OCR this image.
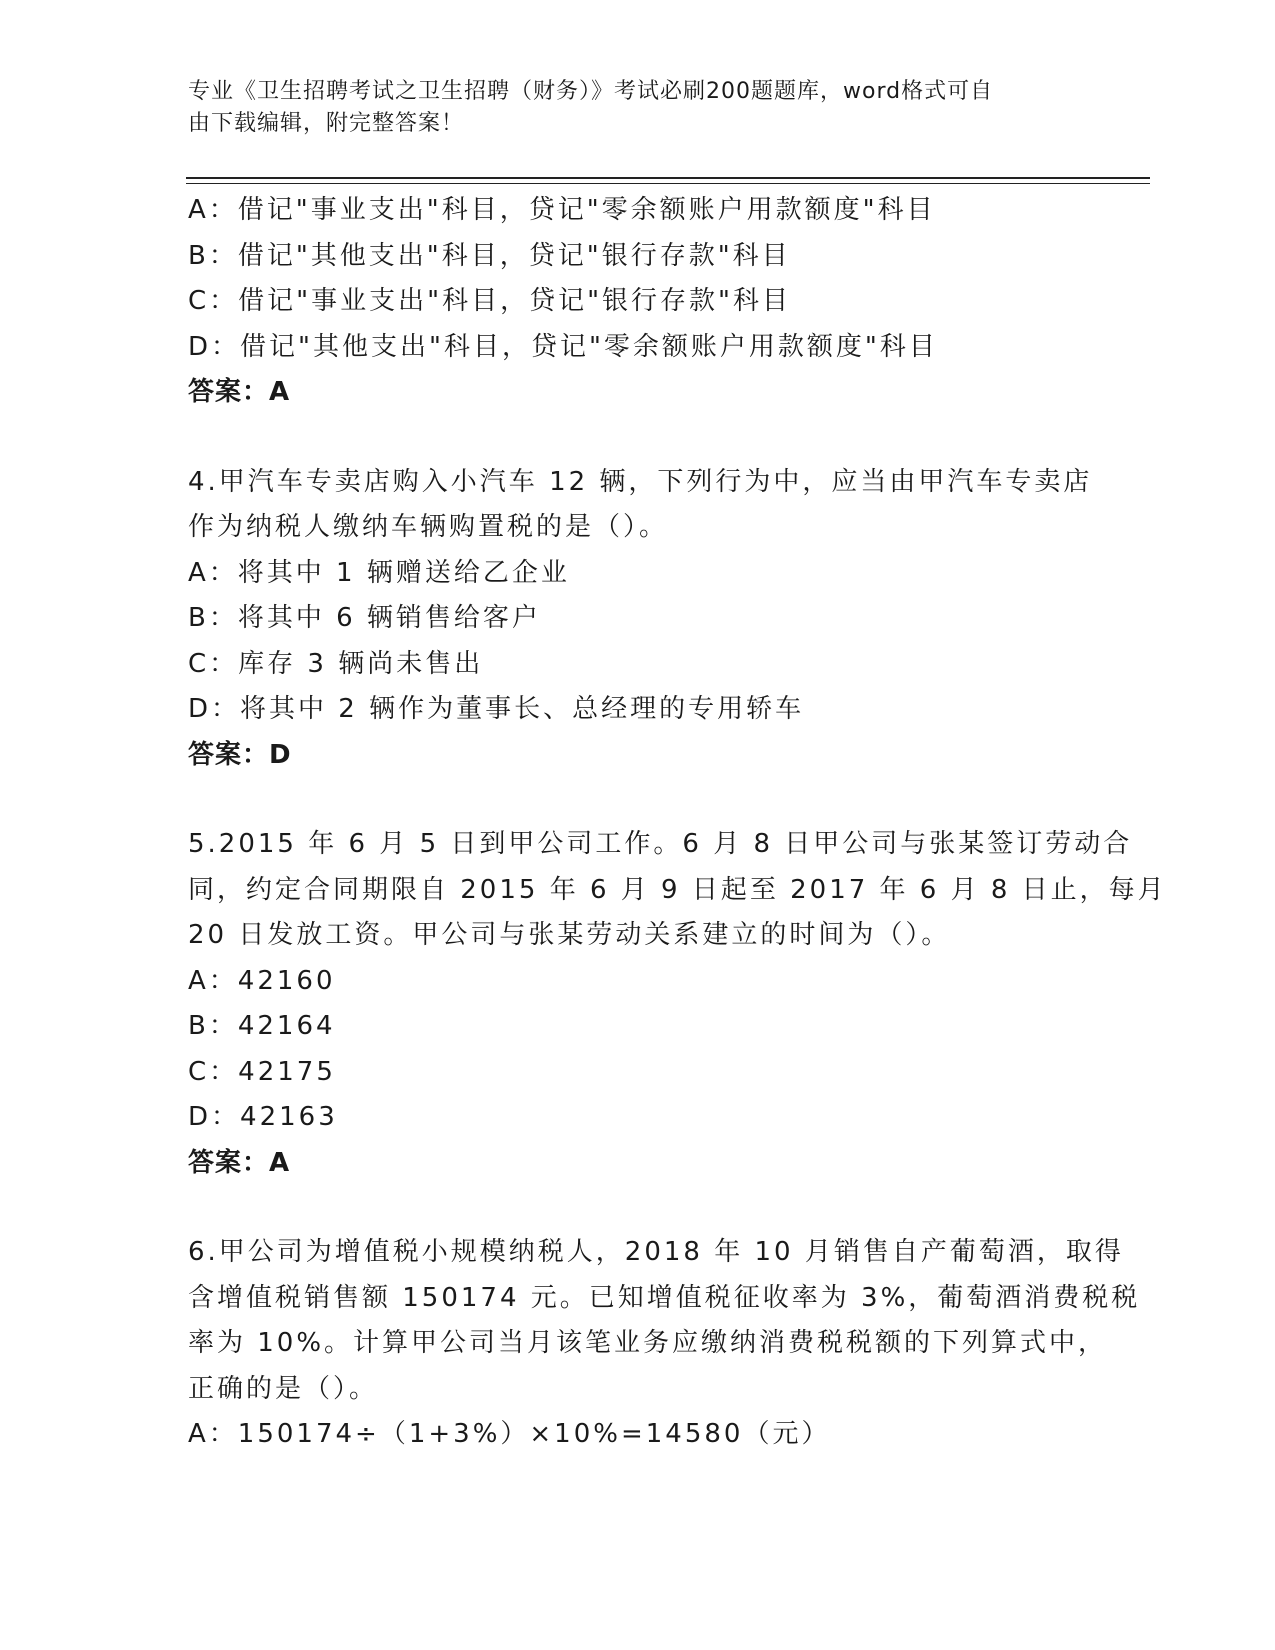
专业《卫生招聘考试之卫生招聘（财务）》考试必刷200题题库，word格式可自
由下载编辑，附完整答案！
A：借记"事业支出"科目，贷记"零余额账户用款额度"科目
B：借记"其他支出"科目，贷记"银行存款"科目
C：借记"事业支出"科目，贷记"银行存款"科目
D：借记"其他支出"科目，贷记"零余额账户用款额度"科目
答案：A
4.甲汽车专卖店购入小汽车 12 辆，下列行为中，应当由甲汽车专卖店
作为纳税人缴纳车辆购置税的是（）。
A：将其中 1 辆赠送给乙企业
B：将其中 6 辆销售给客户
C：库存 3 辆尚未售出
D：将其中 2 辆作为董事长、总经理的专用轿车
答案：D
5.2015 年 6 月 5 日到甲公司工作。6 月 8 日甲公司与张某签订劳动合
同，约定合同期限自 2015 年 6 月 9 日起至 2017 年 6 月 8 日止，每月
20 日发放工资。甲公司与张某劳动关系建立的时间为（）。
A：42160
B：42164
C：42175
D：42163
答案：A
6.甲公司为增值税小规模纳税人，2018 年 10 月销售自产葡萄酒，取得
含增值税销售额 150174 元。已知增值税征收率为 3%，葡萄酒消费税税
率为 10%。计算甲公司当月该笔业务应缴纳消费税税额的下列算式中，
正确的是（）。
A：150174÷（1+3%）×10%=14580（元）
